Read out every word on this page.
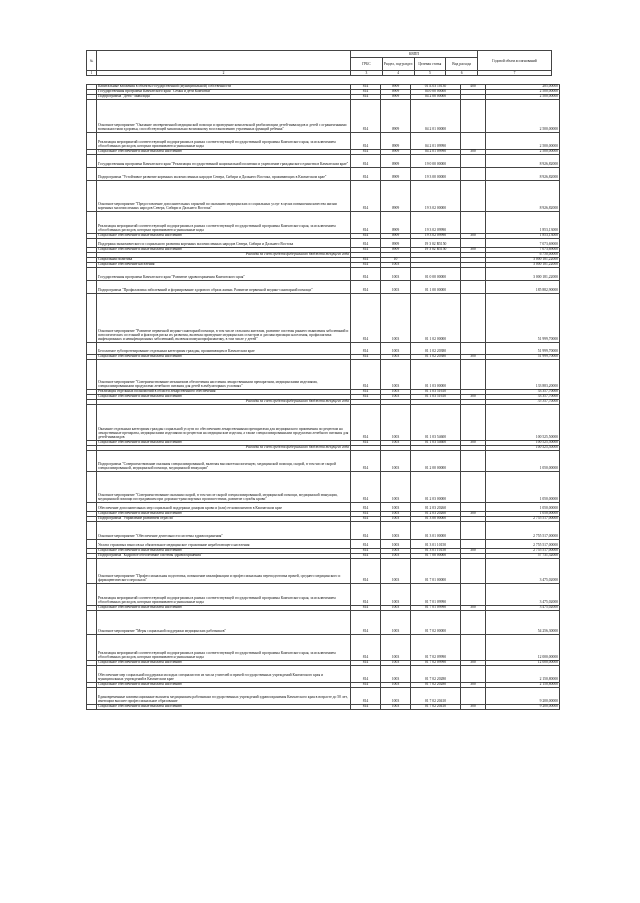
№		КВПП				Годовой объем ассигнований
		ГРБС	Раздел, под-раздел	Целевая статья	Вид расхода	
1	2	3	4	5	6	7
	Капитальные вложения в объекты государственной (муниципальной) собственности	814	0909	01 Б 03 10130	400	285,00000
	Государственная программа Камчатского края "Семья и дети Камчатки"	814	0909	04 0 00 00000		2 500,00000
	Подпрограмма "Дети - инвалиды"	814	0909	04 2 00 00000		2 500,00000
	Основное мероприятие "Оказание своевременной медицинской помощи и проведение комплексной реабилитации детей-инвалидов и детей с ограниченными возможностями здоровья, способствующей максимально возможному восстановлению утраченных функций ребенка"	814	0909	04 2 01 00000		2 500,00000
	Реализация мероприятий соответствующей подпрограммы в рамках соответствующей государственной программы Камчатского края, за исключением обособленных расходов, которым присваиваются уникальные коды	814	0909	04 2 01 09990		2 500,00000
	Социальное обеспечение и иные выплаты населению	814	0909	04 2 01 09990	300	2 500,00000
	Государственная программа Камчатского края "Реализация государственной национальной политики и укрепление гражданского единства в Камчатском крае"	814	0909	19 0 00 00000		8 926,82000
	Подпрограмма "Устойчивое развитие коренных малочисленных народов Севера, Сибири и Дальнего Востока, проживающих в Камчатском крае"	814	0909	19 3 00 00000		8 926,82000
	Основное мероприятие "Предоставление дополнительных гарантий по оказанию медицинских и социальных услуг в целях повышения качества жизни коренных малочисленных народов Севера, Сибири и Дальнего Востока"	814	0909	19 3 02 00000		8 926,82000
	Реализация мероприятий соответствующей подпрограммы в рамках соответствующей государственной программы Камчатского края, за исключением обособленных расходов, которым присваиваются уникальные коды	814	0909	19 3 02 09990		1 853,13000
	Социальное обеспечение и иные выплаты населению	814	0909	19 3 02 09990	300	1 853,13000
	Поддержка экономического и социального развития коренных малочисленных народов Севера, Сибири и Дальнего Востока	814	0909	19 3 02 R5150		7 073,69000
	Социальное обеспечение и иные выплаты населению	814	0909	19 3 02 R5150	300	7 073,69000
	Расходы за счет средств федерального бюджета текущего года					6 730,00000
	Социальная политика	814	10			3 000 181,22000
	Социальное обеспечение населения	814	1003			3 000 181,22000
	Государственная программа Камчатского края "Развитие здравоохранения Камчатского края"	814	1003	01 0 00 00000		3 000 181,22000
	Подпрограмма "Профилактика заболеваний и формирование здорового образа жизни. Развитие первичной медико-санитарной помощи"	814	1003	01 1 00 00000		185 882,90000
	Основное мероприятие "Развитие первичной медико-санитарной помощи, в том числе сельским жителям, развитие системы раннего выявления заболеваний и патологических состояний и факторов риска их развития, включая проведение медицинских осмотров и диспансеризации населения, профилактика инфекционных и неинфекционных заболеваний, включая иммунопрофилактику, в том числе у детей"	814	1003	01 1 02 00000		51 999,70000
	Бесплатное зубопротезирование отдельным категориям граждан, проживающим в Камчатском крае	814	1003	01 1 02 20380		51 999,70000
	Социальное обеспечение и иные выплаты населению	814	1003	01 1 02 20380	300	51 999,70000
	Основное мероприятие "Совершенствование механизмов обеспечения населения лекарственными препаратами, медицинскими изделиями, специализированными продуктами лечебного питания для детей в амбулаторных условиях"	814	1003	01 1 03 00000		133 883,20000
	Реализация отдельных полномочий в области лекарственного обеспечения	814	1003	01 1 03 51610		33 357,70000
	Социальное обеспечение и иные выплаты населению	814	1003	01 1 03 51610	300	33 357,70000
	Расходы за счет средств федерального бюджета текущего года					33 357,70000
	Оказание отдельным категориям граждан социальной услуги по обеспечению лекарственными препаратами для медицинского применения по рецептам на лекарственные препараты, медицинскими изделиями по рецептам на медицинские изделия, а также специализированными продуктами лечебного питания для детей-инвалидов	814	1003	01 1 03 54600		100 525,50000
	Социальное обеспечение и иные выплаты населению	814	1003	01 1 03 54600	300	100 525,50000
	Расходы за счет средств федерального бюджета текущего года					100 525,50000
	Подпрограмма "Совершенствование оказания специализированной, включая высокотехнологичную, медицинской помощи, скорой, в том числе скорой специализированной, медицинской помощи, медицинской эвакуации"	814	1003	01 2 00 00000		1 050,00000
	Основное мероприятие "Совершенствование оказания скорой, в том числе скорой специализированной, медицинской помощи, медицинской эвакуации, медицинской помощи пострадавшим при дорожно-транспортных происшествиях, развитие службы крови"	814	1003	01 2 03 00000		1 050,00000
	Обеспечение дополнительных мер социальной поддержки донорам крови и (или) ее компонентов в Камчатском крае	814	1003	01 2 03 20260		1 050,00000
	Социальное обеспечение и иные выплаты населению	814	1003	01 2 03 20260	300	1 050,00000
	Подпрограмма "Управление развитием отрасли"	814	1003	01 3 00 00000		2 755 517,00000
	Основное мероприятие "Обеспечение деятельности системы здравоохранения"	814	1003	01 3 01 00000		2 755 517,00000
	Уплата страховых взносов на обязательное медицинское страхование неработающего населения	814	1003	01 3 01 10150		2 755 517,00000
	Социальное обеспечение и иные выплаты населению	814	1003	01 3 01 10150	300	2 755 517,00000
	Подпрограмма "Кадровое обеспечение системы здравоохранения"	814	1003	01 7 00 00000		57 731,32000
	Основное мероприятие "Профессиональная подготовка, повышение квалификации и профессиональная переподготовка врачей, среднего медицинского и фармацевтического персонала"	814	1003	01 7 01 00000		3 475,02000
	Реализация мероприятий соответствующей подпрограммы в рамках соответствующей государственной программы Камчатского края, за исключением обособленных расходов, которым присваиваются уникальные коды	814	1003	01 7 01 09990		3 475,02000
	Социальное обеспечение и иные выплаты населению	814	1003	01 7 01 09990	300	3 475,02000
	Основное мероприятие "Меры социальной поддержки медицинских работников"	814	1003	01 7 02 00000		54 256,30000
	Реализация мероприятий соответствующей подпрограммы в рамках соответствующей государственной программы Камчатского края, за исключением обособленных расходов, которым присваиваются уникальные коды	814	1003	01 7 02 09990		12 000,00000
	Социальное обеспечение и иные выплаты населению	814	1003	01 7 02 09990	300	12 000,00000
	Обеспечение мер социальной поддержки молодых специалистов из числа учителей и врачей государственных учреждений Камчатского края и муниципальных учреждений в Камчатском крае	814	1003	01 7 02 20280		2 150,80000
	Социальное обеспечение и иные выплаты населению	814	1003	01 7 02 20280	300	2 150,80000
	Единовременные компенсационные выплаты медицинским работникам государственных учреждений здравоохранения Камчатского края в возрасте до 50 лет, имеющим высшее профессиональное образование	814	1003	01 7 02 20410		9 200,00000
	Социальное обеспечение и иные выплаты населению	814	1003	01 7 02 20410	300	9 200,00000
